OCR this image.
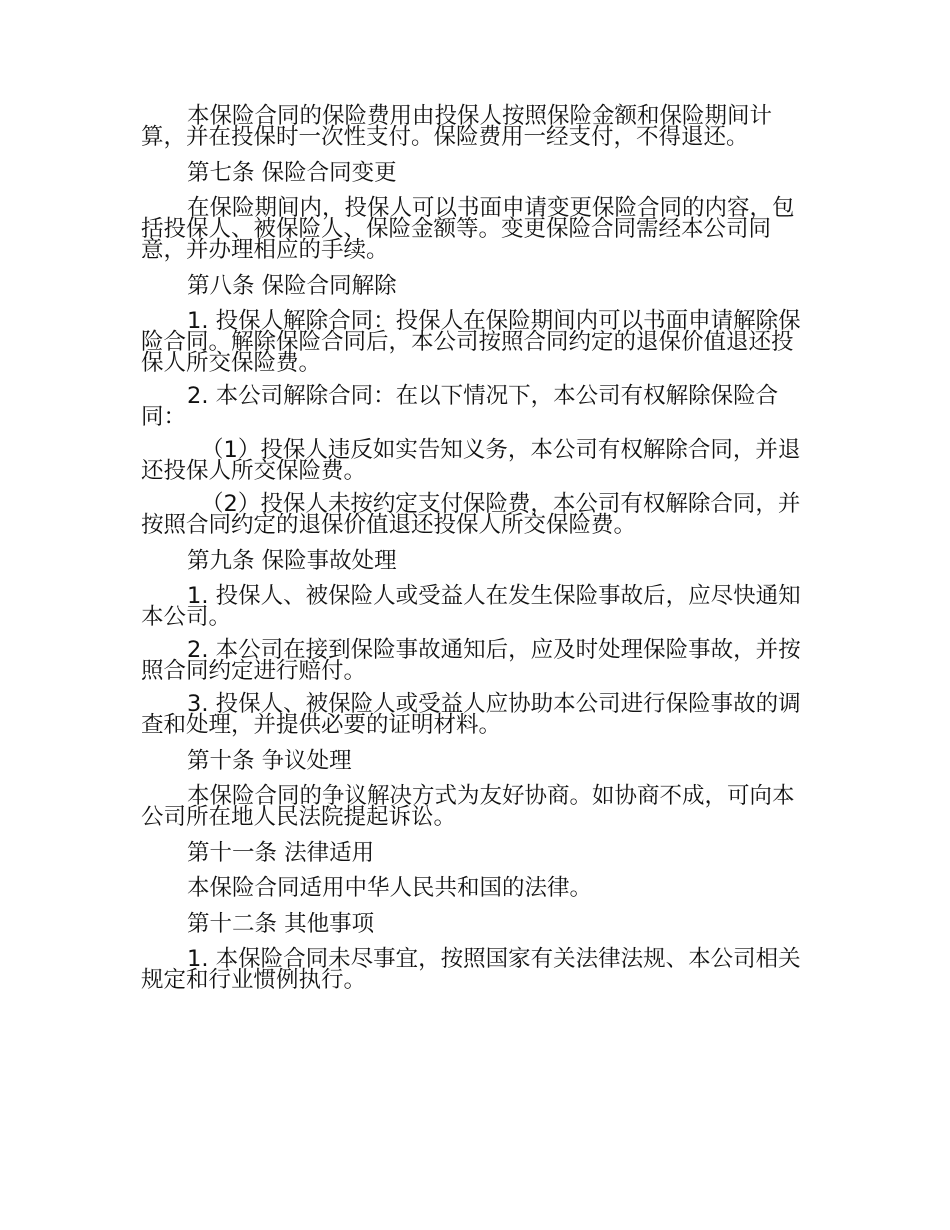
本保险合同的保险费用由投保人按照保险金额和保险期间计算，并在投保时一次性支付。保险费用一经支付，不得退还。

第七条 保险合同变更

在保险期间内，投保人可以书面申请变更保险合同的内容，包括投保人、被保险人、保险金额等。变更保险合同需经本公司同意，并办理相应的手续。

第八条 保险合同解除

1. 投保人解除合同：投保人在保险期间内可以书面申请解除保险合同。解除保险合同后，本公司按照合同约定的退保价值退还投保人所交保险费。

2. 本公司解除合同：在以下情况下，本公司有权解除保险合同：

（1）投保人违反如实告知义务，本公司有权解除合同，并退还投保人所交保险费。

（2）投保人未按约定支付保险费，本公司有权解除合同，并按照合同约定的退保价值退还投保人所交保险费。

第九条 保险事故处理

1. 投保人、被保险人或受益人在发生保险事故后，应尽快通知本公司。

2. 本公司在接到保险事故通知后，应及时处理保险事故，并按照合同约定进行赔付。

3. 投保人、被保险人或受益人应协助本公司进行保险事故的调查和处理，并提供必要的证明材料。

第十条 争议处理

本保险合同的争议解决方式为友好协商。如协商不成，可向本公司所在地人民法院提起诉讼。

第十一条 法律适用

本保险合同适用中华人民共和国的法律。

第十二条 其他事项

1. 本保险合同未尽事宜，按照国家有关法律法规、本公司相关规定和行业惯例执行。
